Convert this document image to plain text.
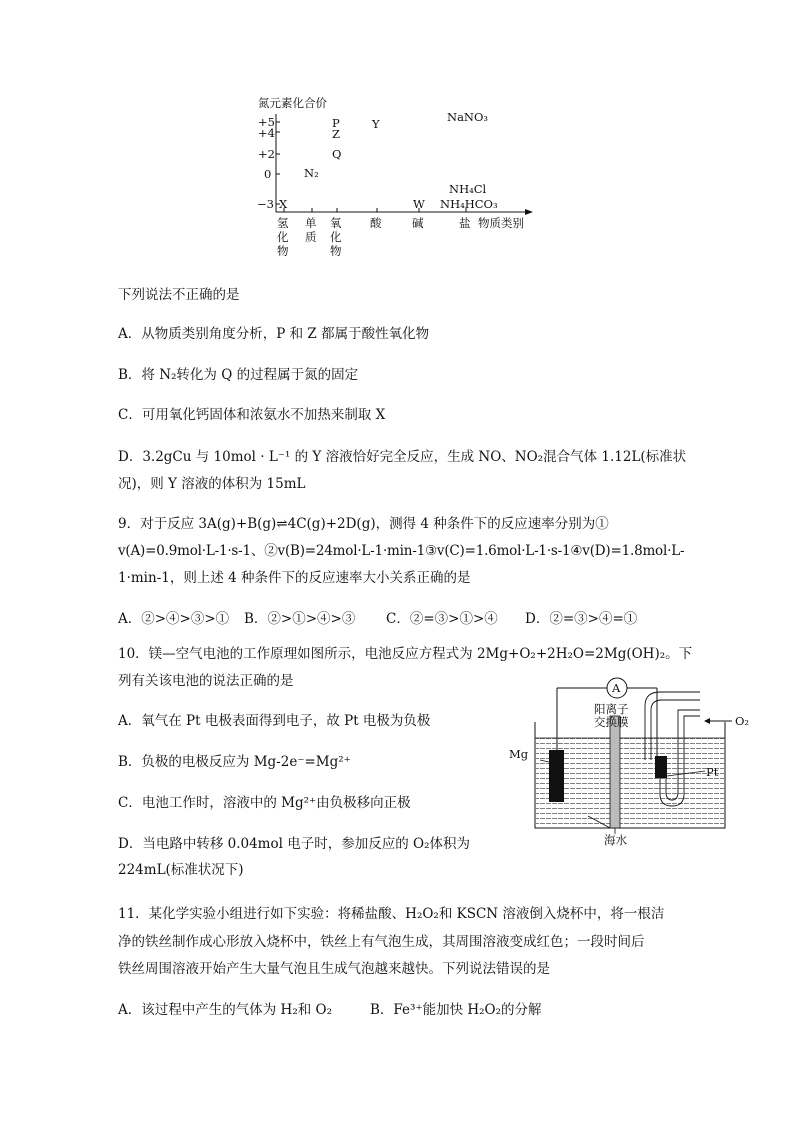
氮元素化合价
+5
+4
+2
0
−3 X
N₂
P
Z
Q
Y
W
NaNO₃
NH₄Cl
NH₄HCO₃
氢
化
物
单
质
氧
化
物
酸	碱	盐 物质类别
下列说法不正确的是
A．从物质类别角度分析，P 和 Z 都属于酸性氧化物
B．将 N₂转化为 Q 的过程属于氮的固定
C．可用氧化钙固体和浓氨水不加热来制取 X
D．3.2gCu 与 10mol · L⁻¹ 的 Y 溶液恰好完全反应，生成 NO、NO₂混合气体 1.12L(标准状
况)，则 Y 溶液的体积为 15mL
9．对于反应 3A(g)+B(g)⇌4C(g)+2D(g)，测得 4 种条件下的反应速率分别为①
v(A)=0.9mol·L-1·s-1、②v(B)=24mol·L-1·min-1③v(C)=1.6mol·L-1·s-1④v(D)=1.8mol·L-
1·min-1，则上述 4 种条件下的反应速率大小关系正确的是
A．②>④>③>① B．②>①>④>③ C．②=③>①>④ D．②=③>④=①
10．镁—空气电池的工作原理如图所示，电池反应方程式为 2Mg+O₂+2H₂O=2Mg(OH)₂。下
列有关该电池的说法正确的是
A．氧气在 Pt 电极表面得到电子，故 Pt 电极为负极
B．负极的电极反应为 Mg-2e⁻=Mg²⁺
C．电池工作时，溶液中的 Mg²⁺由负极移向正极
D．当电路中转移 0.04mol 电子时，参加反应的 O₂体积为
224mL(标准状况下)
A
阳离子
交换膜	O₂
Mg
Pt
海水
11．某化学实验小组进行如下实验：将稀盐酸、H₂O₂和 KSCN 溶液倒入烧杯中，将一根洁
净的铁丝制作成心形放入烧杯中，铁丝上有气泡生成，其周围溶液变成红色；一段时间后
铁丝周围溶液开始产生大量气泡且生成气泡越来越快。下列说法错误的是
A．该过程中产生的气体为 H₂和 O₂	B．Fe³⁺能加快 H₂O₂的分解
